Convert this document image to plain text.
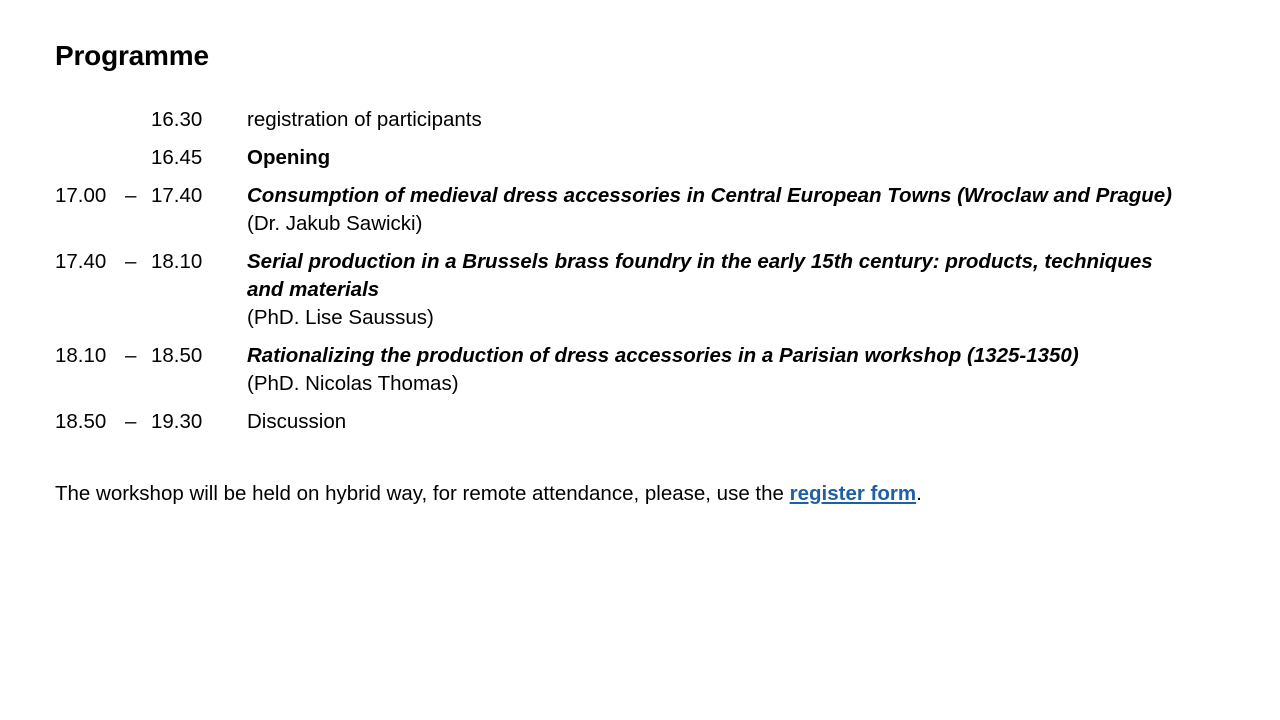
Programme
16.30	registration of participants
16.45	Opening
17.00 – 17.40	Consumption of medieval dress accessories in Central European Towns (Wroclaw and Prague)
(Dr. Jakub Sawicki)
17.40 – 18.10	Serial production in a Brussels brass foundry in the early 15th century: products, techniques and materials
(PhD. Lise Saussus)
18.10 – 18.50	Rationalizing the production of dress accessories in a Parisian workshop (1325-1350)
(PhD. Nicolas Thomas)
18.50 – 19.30	Discussion
The workshop will be held on hybrid way, for remote attendance, please, use the register form.
